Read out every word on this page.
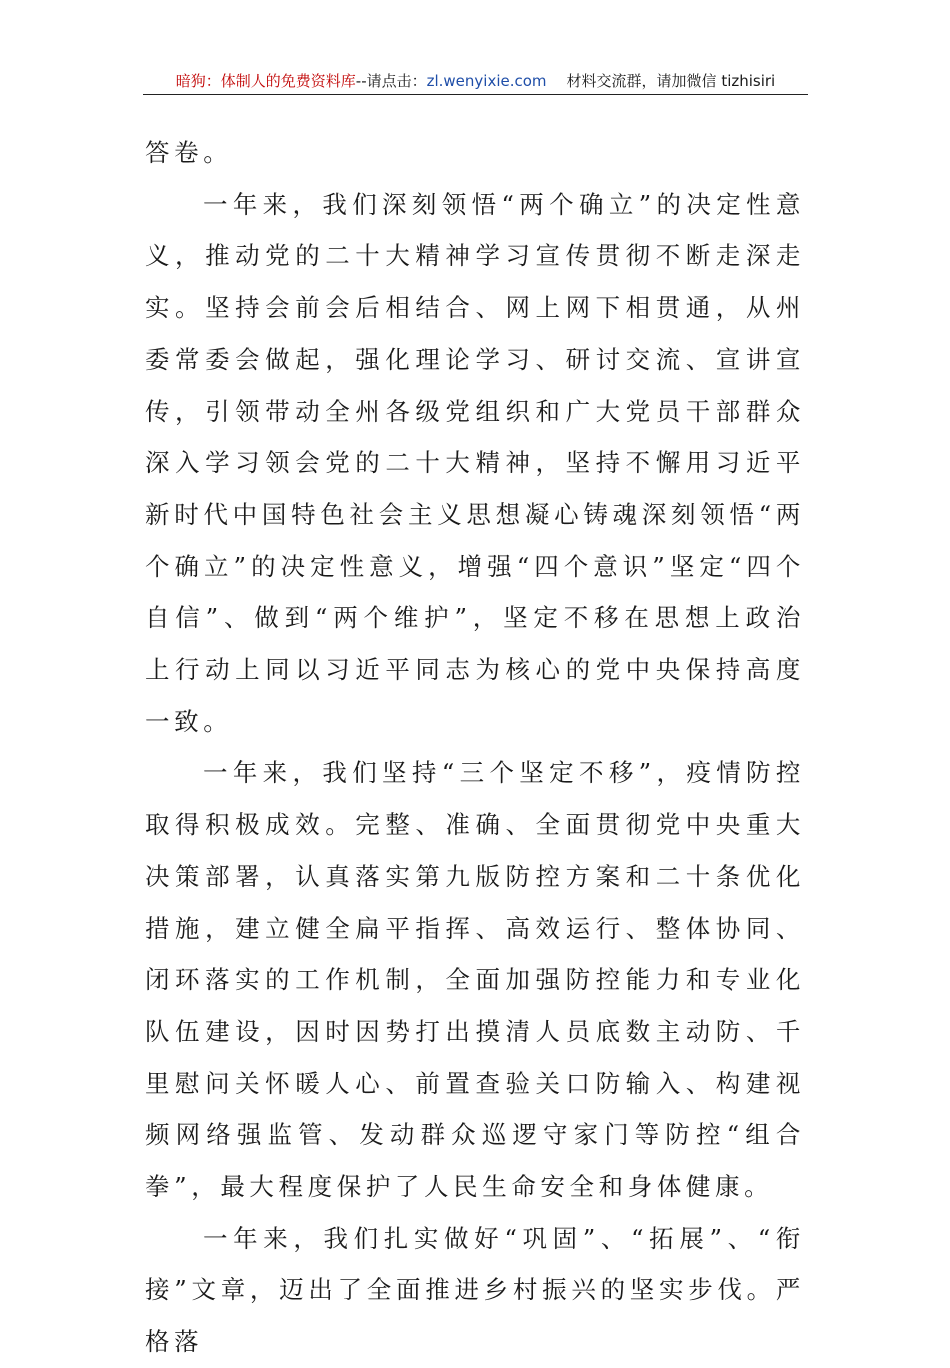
暗狗：体制人的免费资料库--请点击：zl.wenyixie.com 材料交流群，请加微信 tizhisiri

答卷。

一年来，我们深刻领悟“两个确立”的决定性意义，推动党的二十大精神学习宣传贯彻不断走深走实。坚持会前会后相结合、网上网下相贯通，从州委常委会做起，强化理论学习、研讨交流、宣讲宣传，引领带动全州各级党组织和广大党员干部群众深入学习领会党的二十大精神，坚持不懈用习近平新时代中国特色社会主义思想凝心铸魂深刻领悟“两个确立”的决定性意义，增强“四个意识”坚定“四个自信”、做到“两个维护”，坚定不移在思想上政治上行动上同以习近平同志为核心的党中央保持高度一致。

一年来，我们坚持“三个坚定不移”，疫情防控取得积极成效。完整、准确、全面贯彻党中央重大决策部署，认真落实第九版防控方案和二十条优化措施，建立健全扁平指挥、高效运行、整体协同、闭环落实的工作机制，全面加强防控能力和专业化队伍建设，因时因势打出摸清人员底数主动防、千里慰问关怀暖人心、前置查验关口防输入、构建视频网络强监管、发动群众巡逻守家门等防控“组合拳”，最大程度保护了人民生命安全和身体健康。

一年来，我们扎实做好“巩固”、“拓展”、“衔接”文章，迈出了全面推进乡村振兴的坚实步伐。严格落
